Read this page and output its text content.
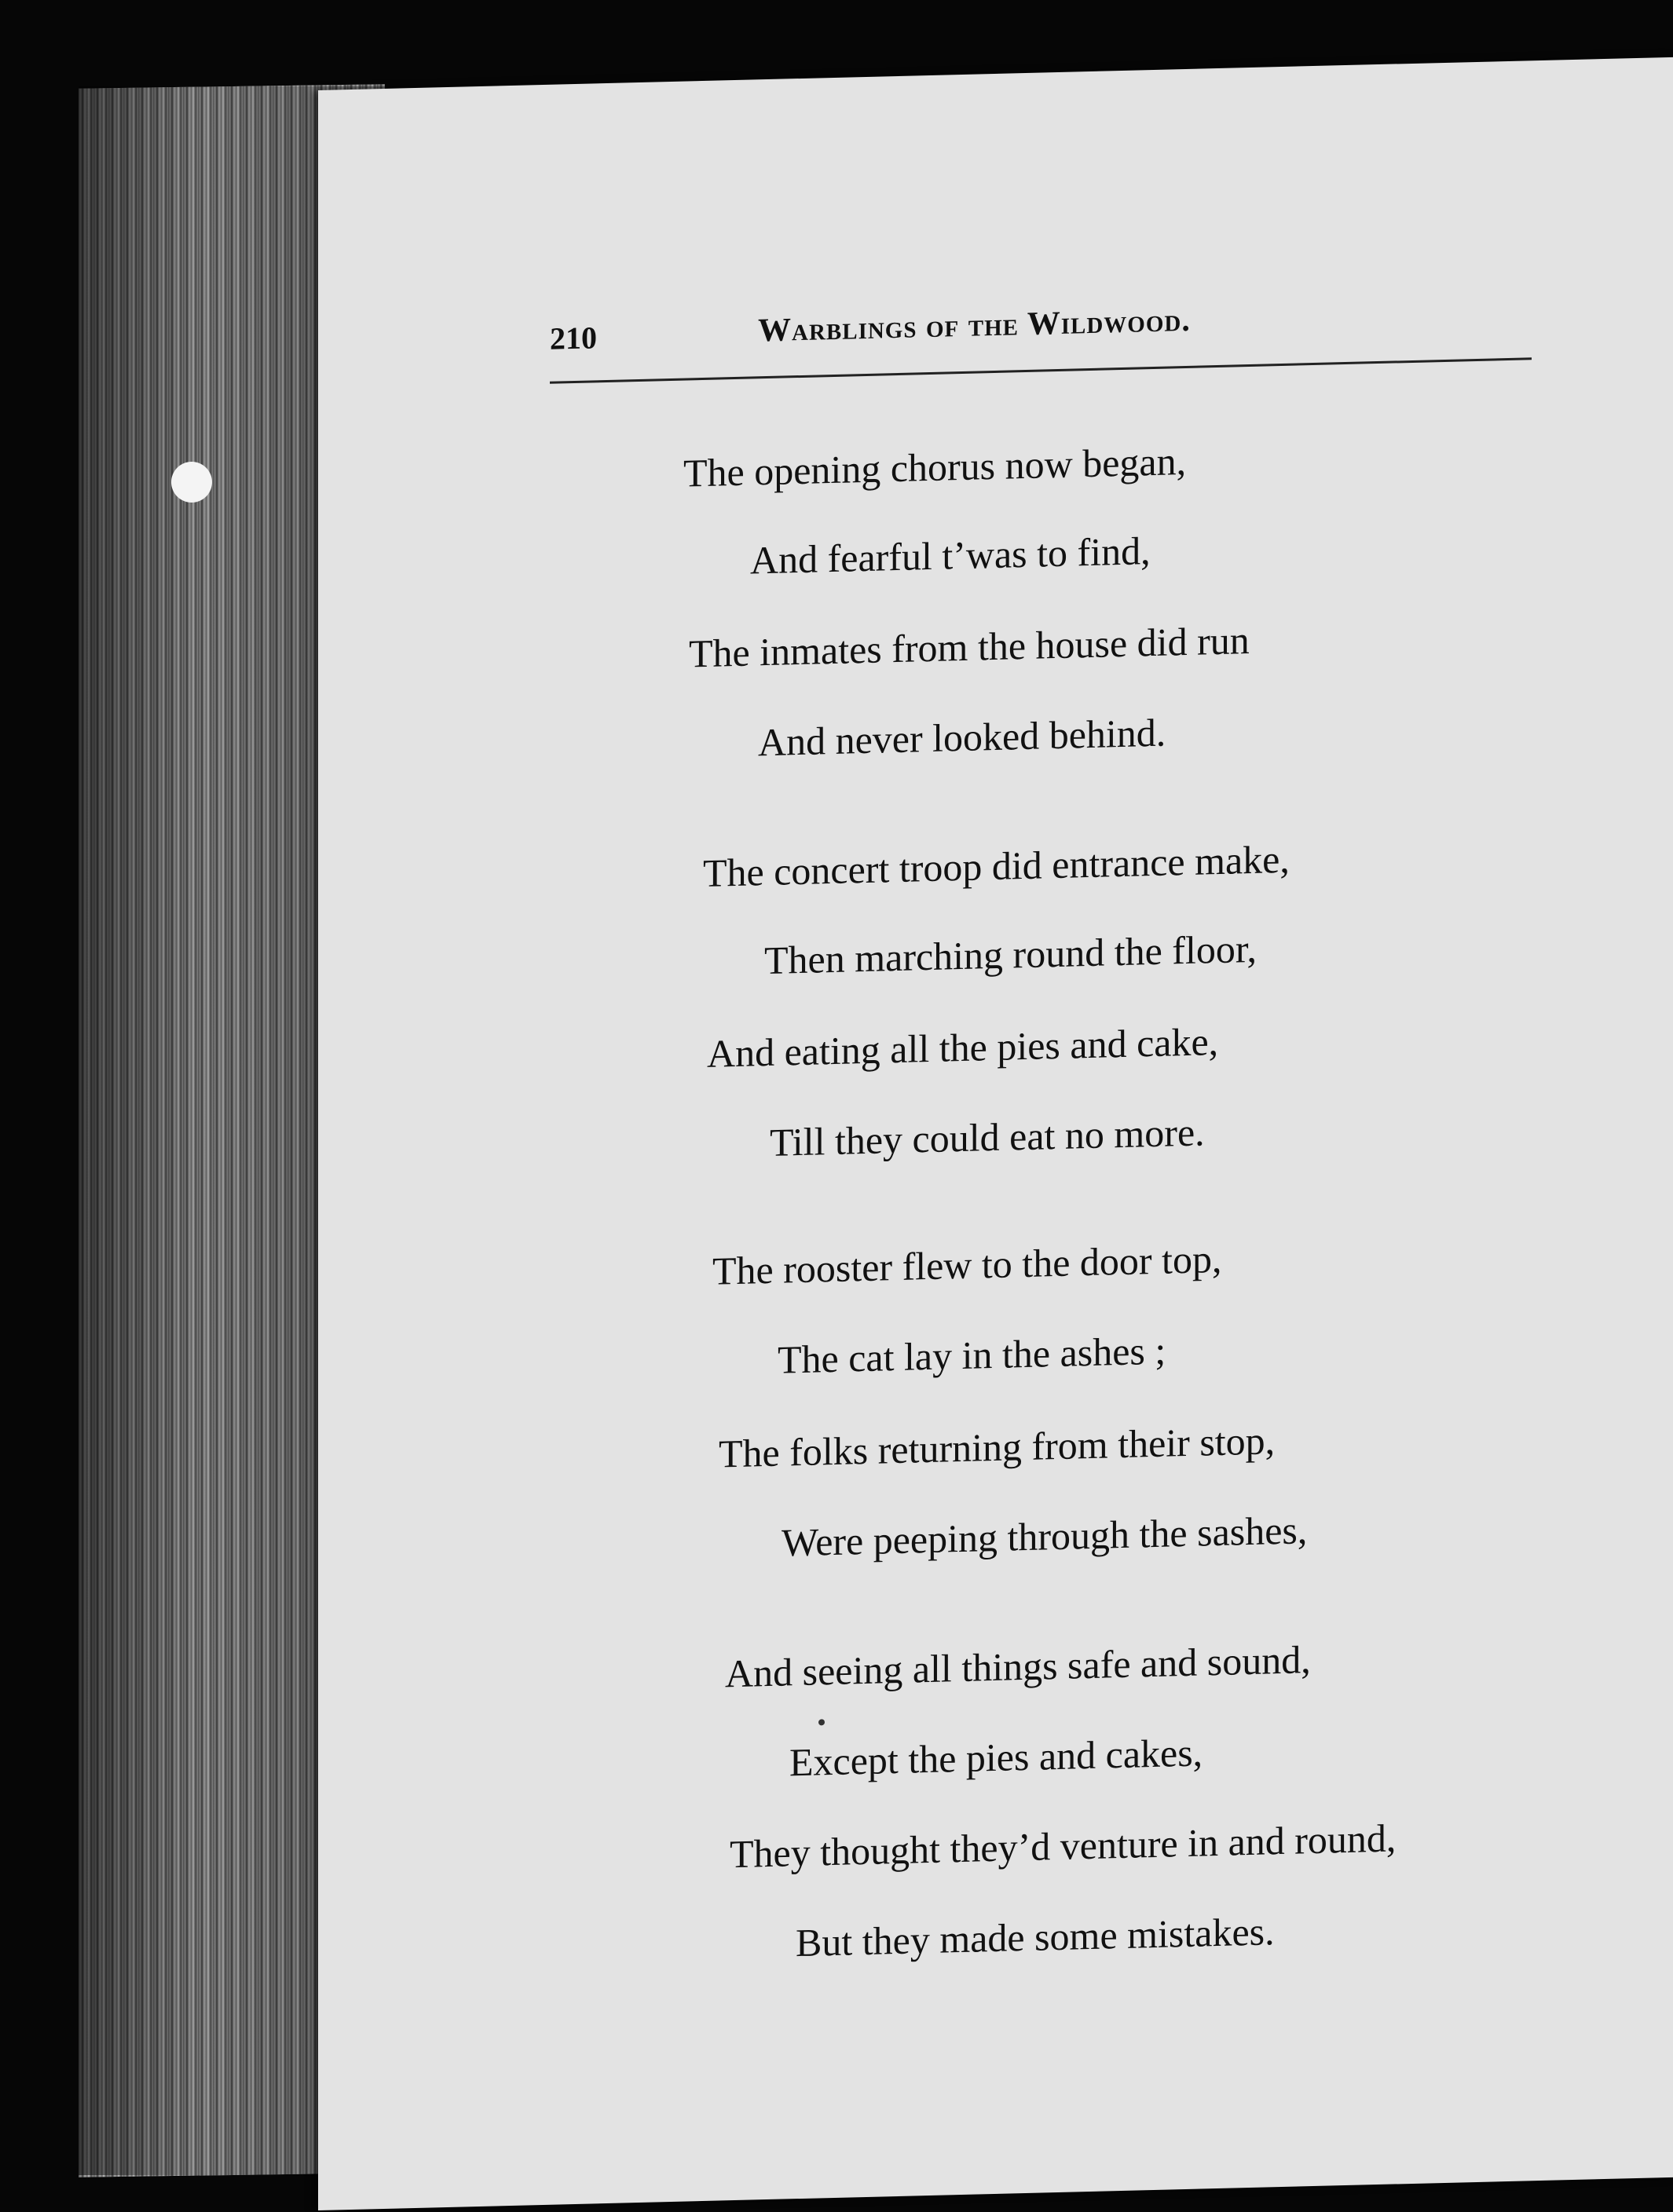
210	Warblings of the Wildwood.
The opening chorus now began,
And fearful t’was to find,
The inmates from the house did run
And never looked behind.
The concert troop did entrance make,
Then marching round the floor,
And eating all the pies and cake,
Till they could eat no more.
The rooster flew to the door top,
The cat lay in the ashes ;
The folks returning from their stop,
Were peeping through the sashes,
And seeing all things safe and sound,
Except the pies and cakes,
They thought they’d venture in and round,
But they made some mistakes.
